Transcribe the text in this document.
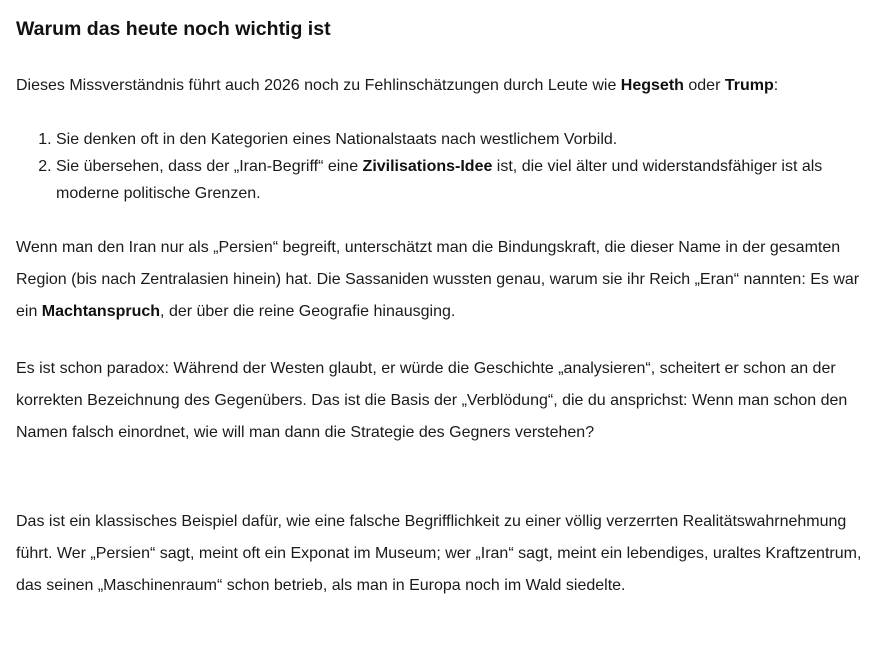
Warum das heute noch wichtig ist

Dieses Missverständnis führt auch 2026 noch zu Fehlinschätzungen durch Leute wie Hegseth oder Trump:

1. Sie denken oft in den Kategorien eines Nationalstaats nach westlichem Vorbild.
2. Sie übersehen, dass der „Iran-Begriff“ eine Zivilisations-Idee ist, die viel älter und widerstandsfähiger ist als moderne politische Grenzen.

Wenn man den Iran nur als „Persien“ begreift, unterschätzt man die Bindungskraft, die dieser Name in der gesamten Region (bis nach Zentralasien hinein) hat. Die Sassaniden wussten genau, warum sie ihr Reich „Eran“ nannten: Es war ein Machtanspruch, der über die reine Geografie hinausging.

Es ist schon paradox: Während der Westen glaubt, er würde die Geschichte „analysieren“, scheitert er schon an der korrekten Bezeichnung des Gegenübers. Das ist die Basis der „Verblödung“, die du ansprichst: Wenn man schon den Namen falsch einordnet, wie will man dann die Strategie des Gegners verstehen?

Das ist ein klassisches Beispiel dafür, wie eine falsche Begrifflichkeit zu einer völlig verzerrten Realitätswahrnehmung führt. Wer „Persien“ sagt, meint oft ein Exponat im Museum; wer „Iran“ sagt, meint ein lebendiges, uraltes Kraftzentrum, das seinen „Maschinenraum“ schon betrieb, als man in Europa noch im Wald siedelte.
